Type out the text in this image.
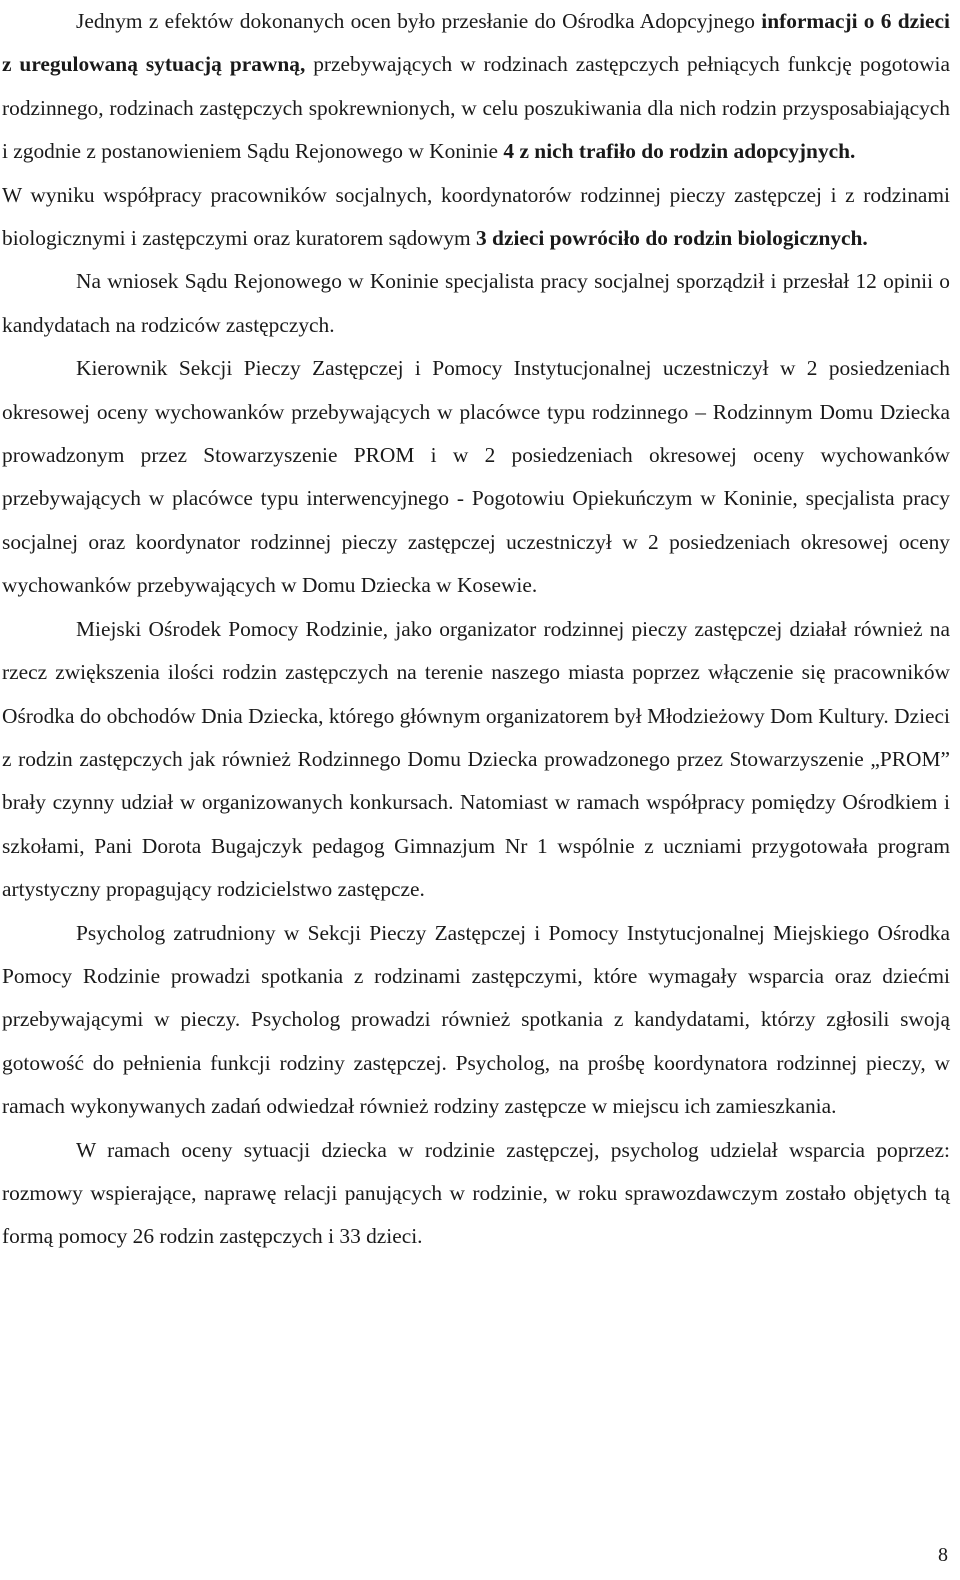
Jednym z efektów dokonanych ocen było przesłanie do Ośrodka Adopcyjnego informacji o 6 dzieci z uregulowaną sytuacją prawną, przebywających w rodzinach zastępczych pełniących funkcję pogotowia rodzinnego, rodzinach zastępczych spokrewnionych, w celu poszukiwania dla nich rodzin przysposabiających i zgodnie z postanowieniem Sądu Rejonowego w Koninie 4 z nich trafiło do rodzin adopcyjnych.

W wyniku współpracy pracowników socjalnych, koordynatorów rodzinnej pieczy zastępczej i z rodzinami biologicznymi i zastępczymi oraz kuratorem sądowym 3 dzieci powróciło do rodzin biologicznych.

Na wniosek Sądu Rejonowego w Koninie specjalista pracy socjalnej sporządził i przesłał 12 opinii o kandydatach na rodziców zastępczych.

Kierownik Sekcji Pieczy Zastępczej i Pomocy Instytucjonalnej uczestniczył w 2 posiedzeniach okresowej oceny wychowanków przebywających w placówce typu rodzinnego – Rodzinnym Domu Dziecka prowadzonym przez Stowarzyszenie PROM i w 2 posiedzeniach okresowej oceny wychowanków przebywających w placówce typu interwencyjnego - Pogotowiu Opiekuńczym w Koninie, specjalista pracy socjalnej oraz koordynator rodzinnej pieczy zastępczej uczestniczył w 2 posiedzeniach okresowej oceny wychowanków przebywających w Domu Dziecka w Kosewie.

Miejski Ośrodek Pomocy Rodzinie, jako organizator rodzinnej pieczy zastępczej działał również na rzecz zwiększenia ilości rodzin zastępczych na terenie naszego miasta poprzez włączenie się pracowników Ośrodka do obchodów Dnia Dziecka, którego głównym organizatorem był Młodzieżowy Dom Kultury. Dzieci z rodzin zastępczych jak również Rodzinnego Domu Dziecka prowadzonego przez Stowarzyszenie „PROM” brały czynny udział w organizowanych konkursach. Natomiast w ramach współpracy pomiędzy Ośrodkiem i szkołami, Pani Dorota Bugajczyk pedagog Gimnazjum Nr 1 wspólnie z uczniami przygotowała program artystyczny propagujący rodzicielstwo zastępcze.

Psycholog zatrudniony w Sekcji Pieczy Zastępczej i Pomocy Instytucjonalnej Miejskiego Ośrodka Pomocy Rodzinie prowadzi spotkania z rodzinami zastępczymi, które wymagały wsparcia oraz dziećmi przebywającymi w pieczy. Psycholog prowadzi również spotkania z kandydatami, którzy zgłosili swoją gotowość do pełnienia funkcji rodziny zastępczej. Psycholog, na prośbę koordynatora rodzinnej pieczy, w ramach wykonywanych zadań odwiedzał również rodziny zastępcze w miejscu ich zamieszkania.

W ramach oceny sytuacji dziecka w rodzinie zastępczej, psycholog udzielał wsparcia poprzez: rozmowy wspierające, naprawę relacji panujących w rodzinie, w roku sprawozdawczym zostało objętych tą formą pomocy 26 rodzin zastępczych i 33 dzieci.

8
